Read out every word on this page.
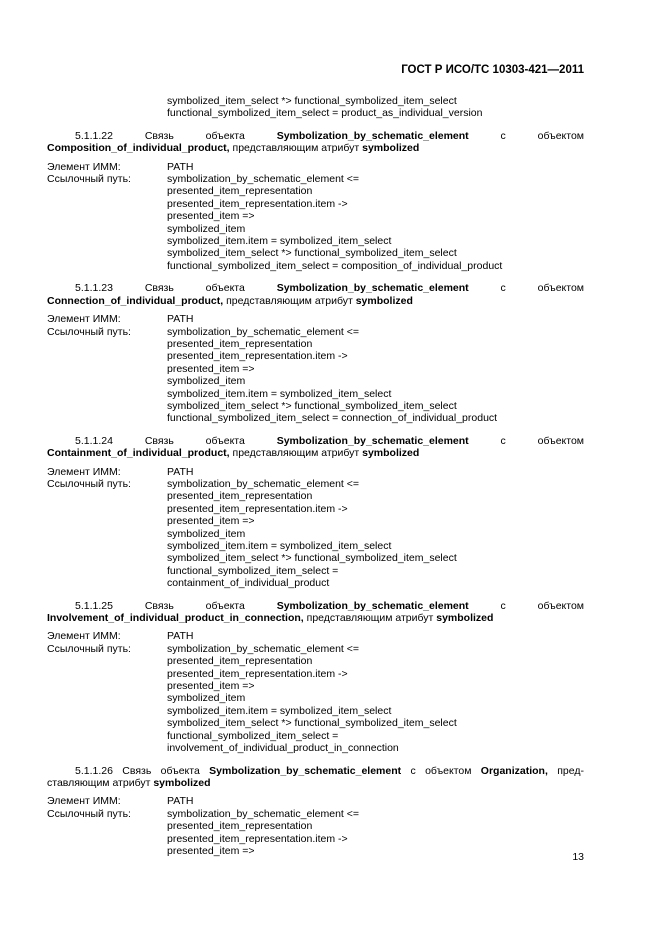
ГОСТ Р ИСО/ТС 10303-421—2011
symbolized_item_select *> functional_symbolized_item_select
functional_symbolized_item_select = product_as_individual_version
5.1.1.22	Связь объекта	Symbolization_by_schematic_element	с объектом Composition_of_individual_product, представляющим атрибут symbolized
Элемент ИММ:	PATH
Ссылочный путь:	symbolization_by_schematic_element <=
presented_item_representation
presented_item_representation.item ->
presented_item =>
symbolized_item
symbolized_item.item = symbolized_item_select
symbolized_item_select *> functional_symbolized_item_select
functional_symbolized_item_select = composition_of_individual_product
5.1.1.23	Связь объекта	Symbolization_by_schematic_element	с объектом Connection_of_individual_product, представляющим атрибут symbolized
Элемент ИММ:	PATH
Ссылочный путь:	symbolization_by_schematic_element <=
presented_item_representation
presented_item_representation.item ->
presented_item =>
symbolized_item
symbolized_item.item = symbolized_item_select
symbolized_item_select *> functional_symbolized_item_select
functional_symbolized_item_select = connection_of_individual_product
5.1.1.24	Связь объекта	Symbolization_by_schematic_element	с объектом Containment_of_individual_product, представляющим атрибут symbolized
Элемент ИММ:	PATH
Ссылочный путь:	symbolization_by_schematic_element <=
presented_item_representation
presented_item_representation.item ->
presented_item =>
symbolized_item
symbolized_item.item = symbolized_item_select
symbolized_item_select *> functional_symbolized_item_select
functional_symbolized_item_select =
containment_of_individual_product
5.1.1.25	Связь объекта	Symbolization_by_schematic_element	с объектом Involvement_of_individual_product_in_connection, представляющим атрибут symbolized
Элемент ИММ:	PATH
Ссылочный путь:	symbolization_by_schematic_element <=
presented_item_representation
presented_item_representation.item ->
presented_item =>
symbolized_item
symbolized_item.item = symbolized_item_select
symbolized_item_select *> functional_symbolized_item_select
functional_symbolized_item_select =
involvement_of_individual_product_in_connection
5.1.1.26 Связь объекта Symbolization_by_schematic_element с объектом Organization, пред-ставляющим атрибут symbolized
Элемент ИММ:	PATH
Ссылочный путь:	symbolization_by_schematic_element <=
presented_item_representation
presented_item_representation.item ->
presented_item =>
13
